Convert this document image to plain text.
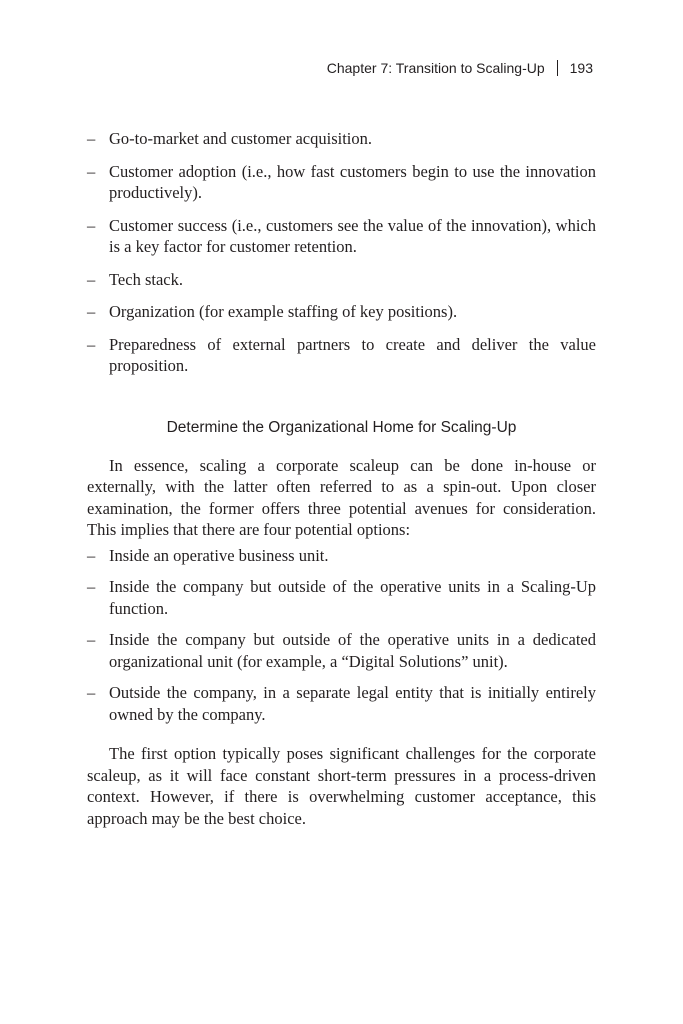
Chapter 7: Transition to Scaling-Up 193
– Go-to-market and customer acquisition.
– Customer adoption (i.e., how fast customers begin to use the innovation productively).
– Customer success (i.e., customers see the value of the innovation), which is a key factor for customer retention.
– Tech stack.
– Organization (for example staffing of key positions).
– Preparedness of external partners to create and deliver the value proposition.
Determine the Organizational Home for Scaling-Up

In essence, scaling a corporate scaleup can be done in-house or externally, with the latter often referred to as a spin-out. Upon closer examination, the former offers three potential avenues for consideration. This implies that there are four potential options:

– Inside an operative business unit.
– Inside the company but outside of the operative units in a Scaling-Up function.
– Inside the company but outside of the operative units in a dedicated organizational unit (for example, a “Digital Solutions” unit).
– Outside the company, in a separate legal entity that is initially entirely owned by the company.

The first option typically poses significant challenges for the corporate scaleup, as it will face constant short-term pressures in a process-driven context. However, if there is overwhelming customer acceptance, this approach may be the best choice.
